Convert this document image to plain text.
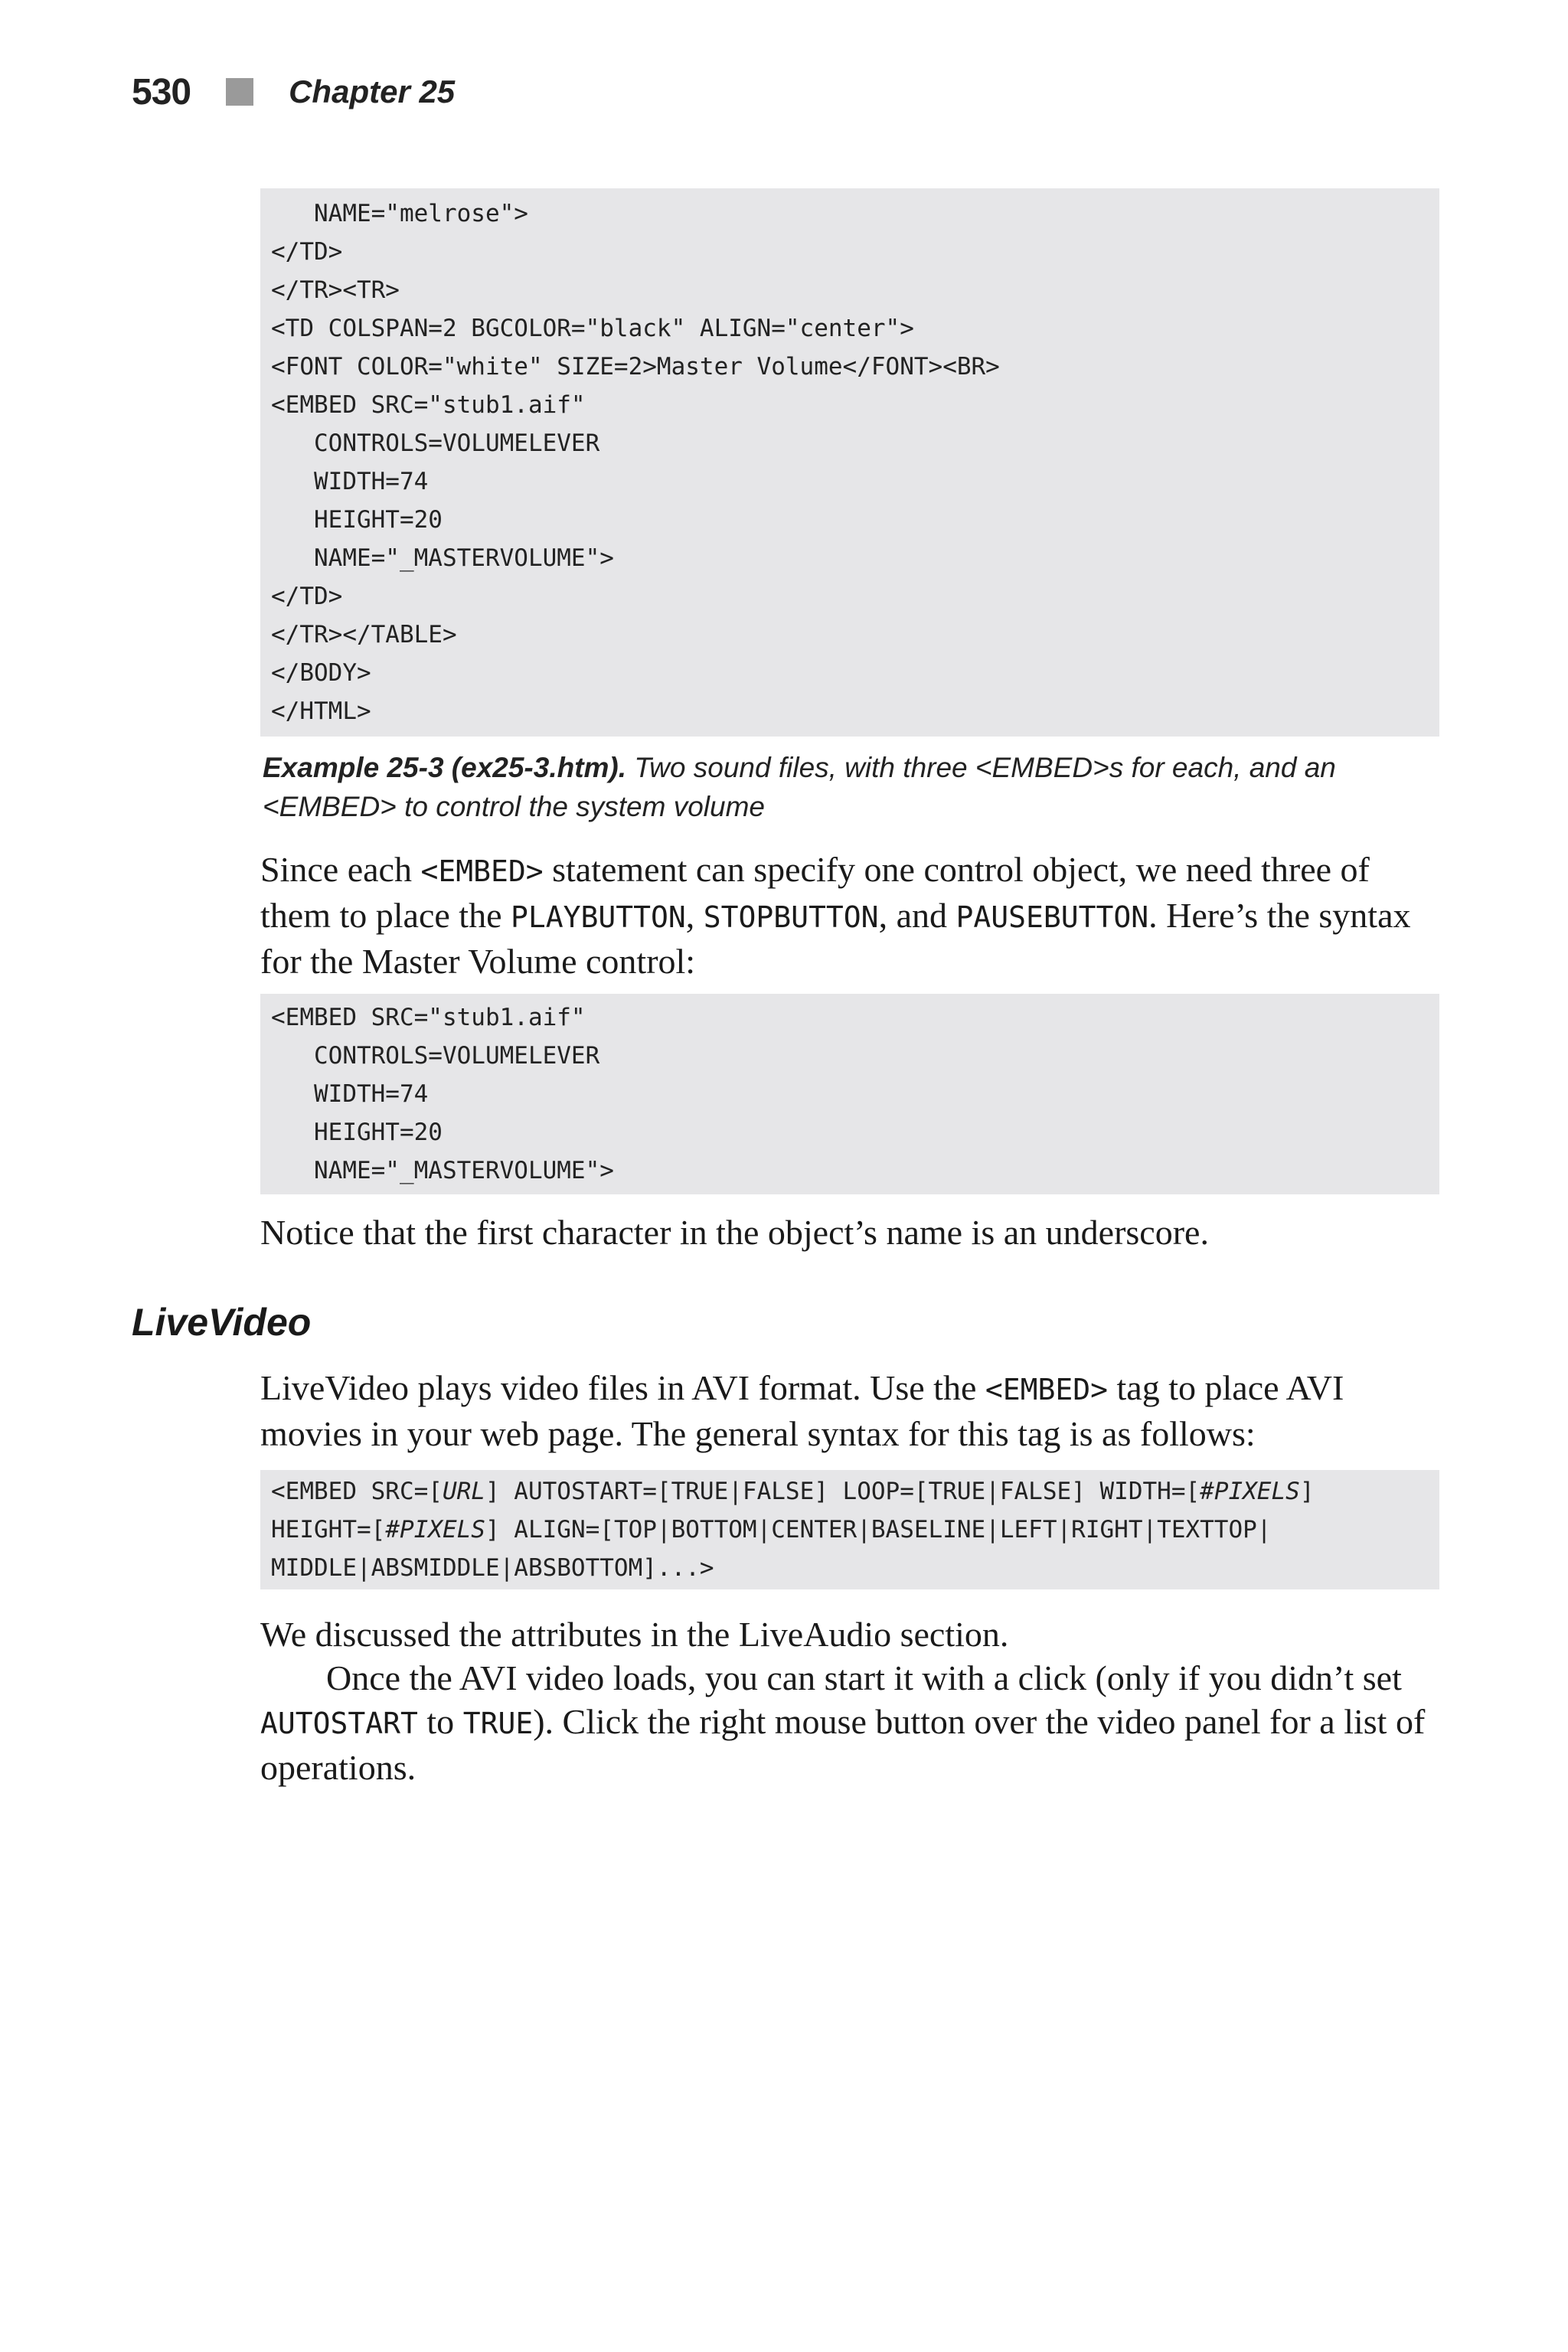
530	Chapter 25
NAME="melrose">
</TD>
</TR><TR>
<TD COLSPAN=2 BGCOLOR="black" ALIGN="center">
<FONT COLOR="white" SIZE=2>Master Volume</FONT><BR>
<EMBED SRC="stub1.aif"
CONTROLS=VOLUMELEVER
WIDTH=74
HEIGHT=20
NAME="_MASTERVOLUME">
</TD>
</TR></TABLE>
</BODY>
</HTML>
Example 25-3 (ex25-3.htm). Two sound files, with three <EMBED>s for each, and an <EMBED> to control the system volume

Since each <EMBED> statement can specify one control object, we need three of them to place the PLAYBUTTON, STOPBUTTON, and PAUSEBUTTON. Here’s the syntax for the Master Volume control:

<EMBED SRC="stub1.aif"
CONTROLS=VOLUMELEVER
WIDTH=74
HEIGHT=20
NAME="_MASTERVOLUME">

Notice that the first character in the object’s name is an underscore.

LiveVideo

LiveVideo plays video files in AVI format. Use the <EMBED> tag to place AVI movies in your web page. The general syntax for this tag is as follows:

<EMBED SRC=[URL] AUTOSTART=[TRUE|FALSE] LOOP=[TRUE|FALSE] WIDTH=[#PIXELS]
HEIGHT=[#PIXELS] ALIGN=[TOP|BOTTOM|CENTER|BASELINE|LEFT|RIGHT|TEXTTOP|
MIDDLE|ABSMIDDLE|ABSBOTTOM]...>

We discussed the attributes in the LiveAudio section.

Once the AVI video loads, you can start it with a click (only if you didn’t set AUTOSTART to TRUE). Click the right mouse button over the video panel for a list of operations.
